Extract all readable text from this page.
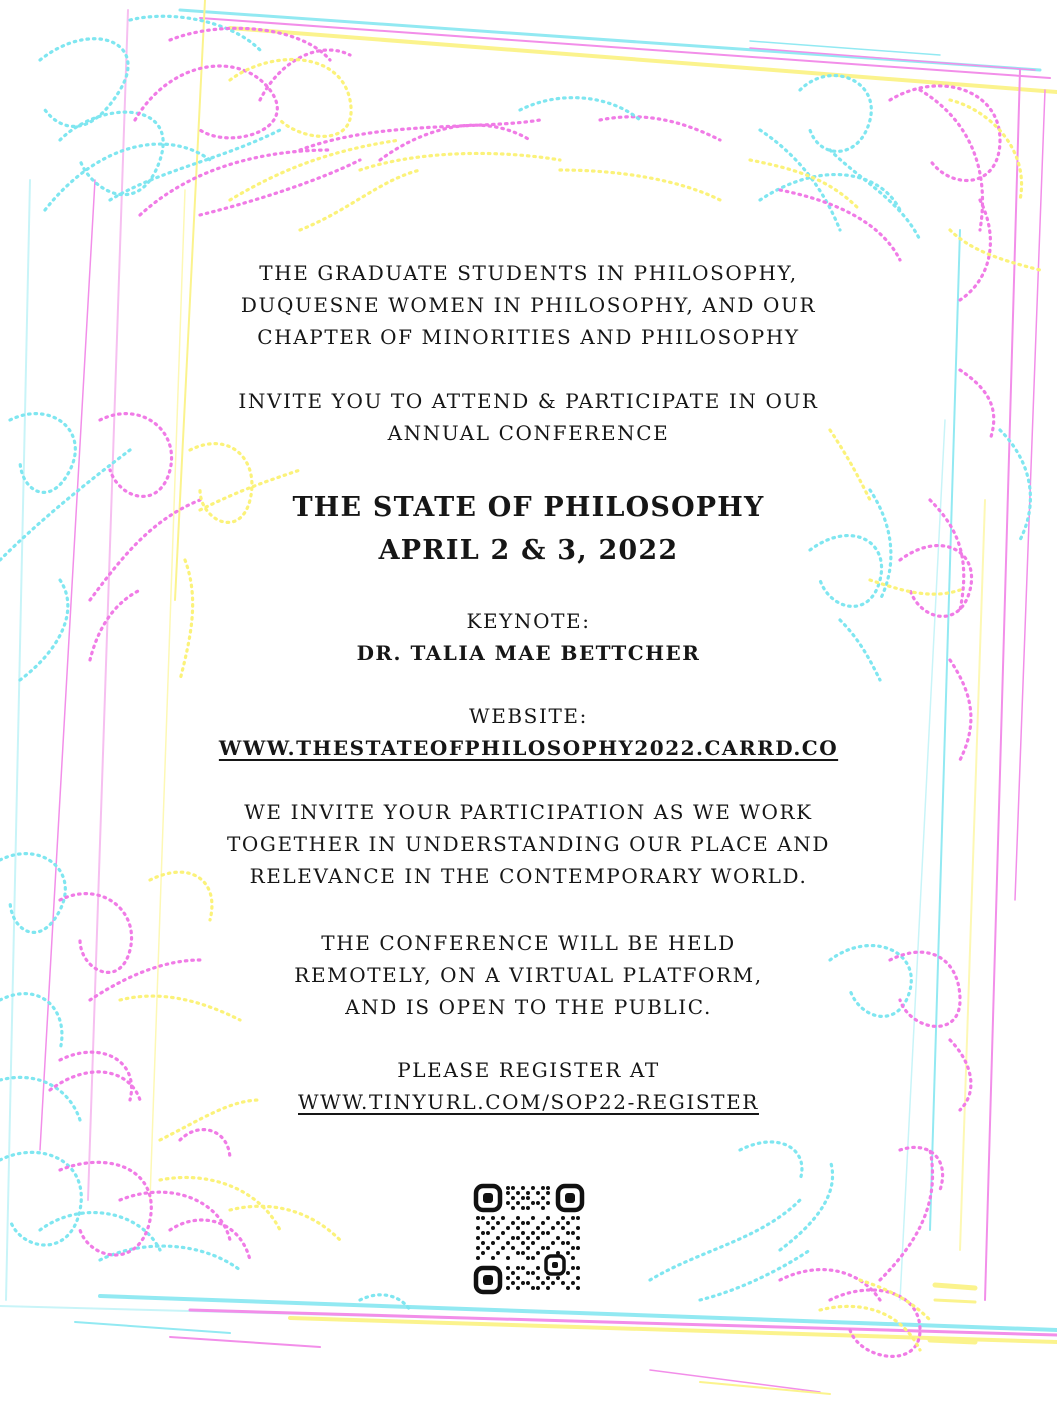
THE GRADUATE STUDENTS IN PHILOSOPHY,
DUQUESNE WOMEN IN PHILOSOPHY, AND OUR
CHAPTER OF MINORITIES AND PHILOSOPHY
INVITE YOU TO ATTEND & PARTICIPATE IN OUR
ANNUAL CONFERENCE
THE STATE OF PHILOSOPHY
APRIL 2 & 3, 2022
KEYNOTE:
DR. TALIA MAE BETTCHER
WEBSITE:
WWW.THESTATEOFPHILOSOPHY2022.CARRD.CO
WE INVITE YOUR PARTICIPATION AS WE WORK
TOGETHER IN UNDERSTANDING OUR PLACE AND
RELEVANCE IN THE CONTEMPORARY WORLD.
THE CONFERENCE WILL BE HELD
REMOTELY, ON A VIRTUAL PLATFORM,
AND IS OPEN TO THE PUBLIC.
PLEASE REGISTER AT
WWW.TINYURL.COM/SOP22-REGISTER
